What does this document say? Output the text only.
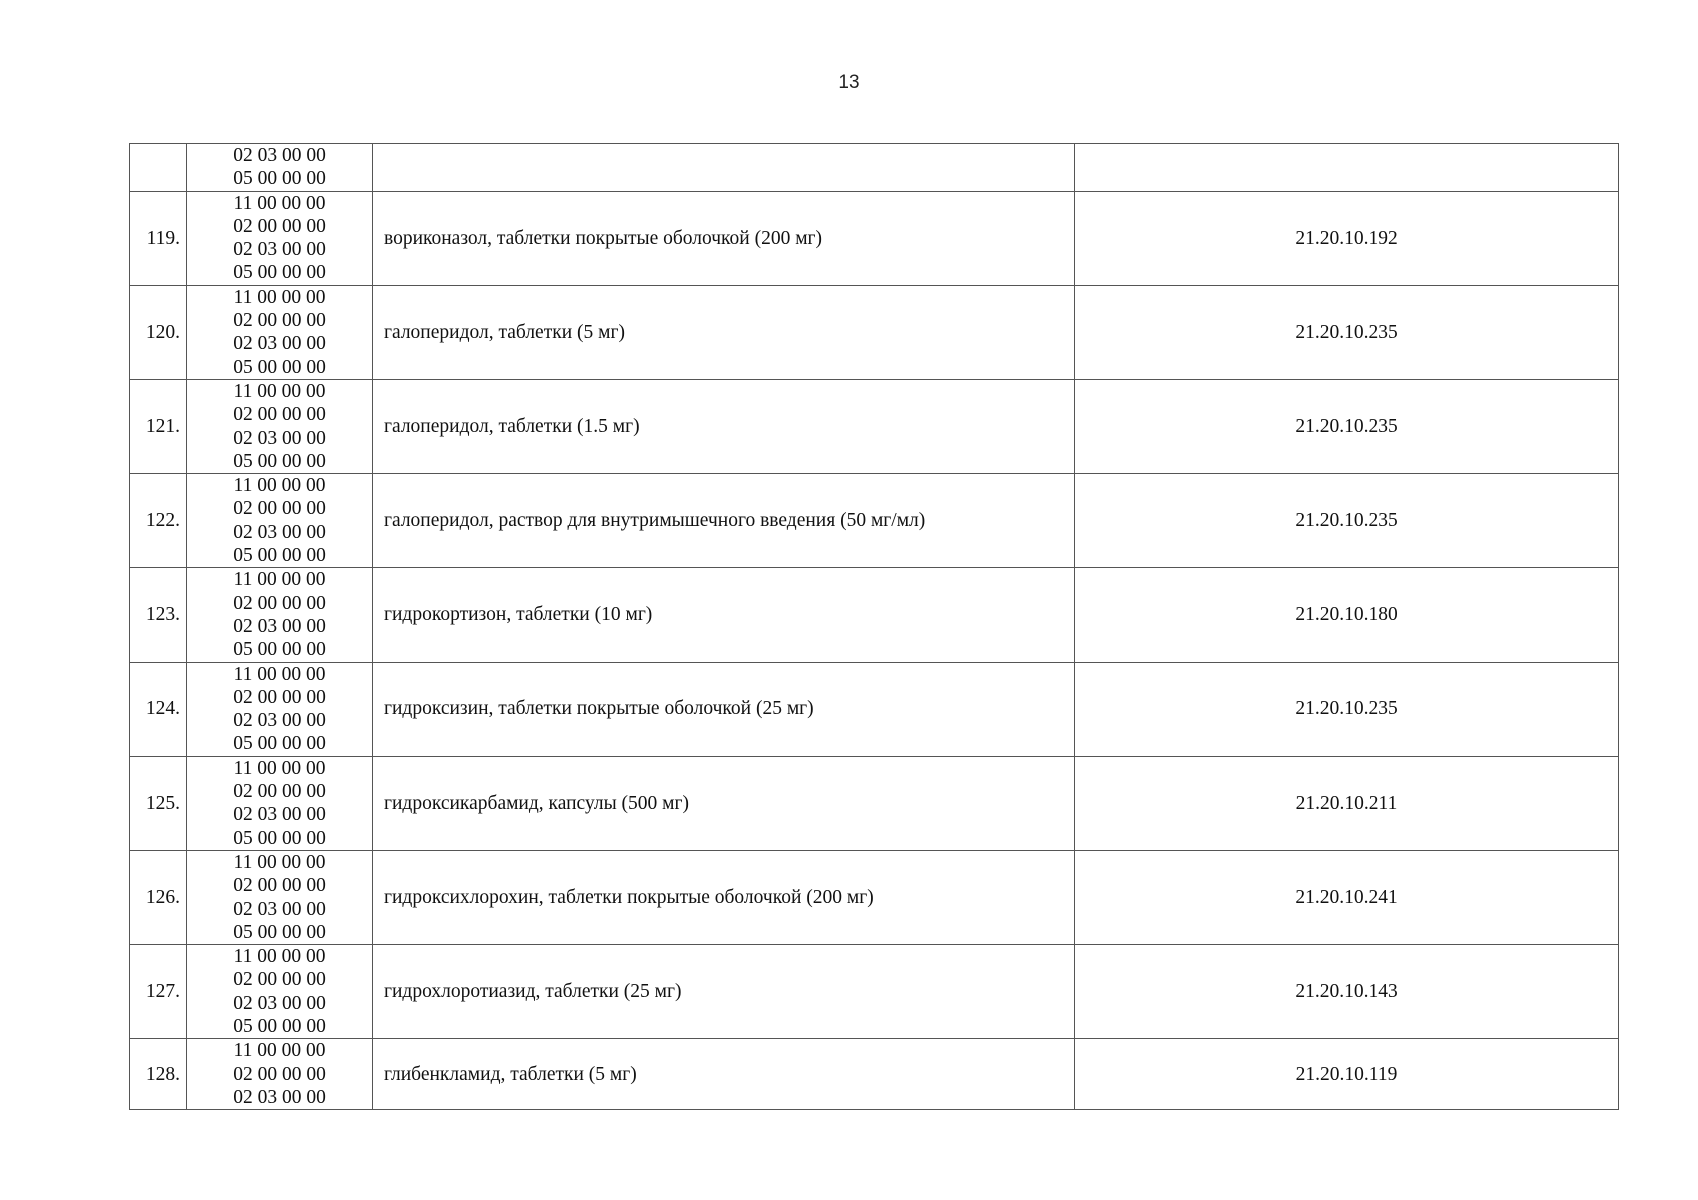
13

	02 03 00 00
05 00 00 00		

119.	11 00 00 00
02 00 00 00
02 03 00 00
05 00 00 00	вориконазол, таблетки покрытые оболочкой (200 мг)	21.20.10.192
120.	11 00 00 00
02 00 00 00
02 03 00 00
05 00 00 00	галоперидол, таблетки (5 мг)	21.20.10.235
121.	11 00 00 00
02 00 00 00
02 03 00 00
05 00 00 00	галоперидол, таблетки (1.5 мг)	21.20.10.235
122.	11 00 00 00
02 00 00 00
02 03 00 00
05 00 00 00	галоперидол, раствор для внутримышечного введения (50 мг/мл)	21.20.10.235
123.	11 00 00 00
02 00 00 00
02 03 00 00
05 00 00 00	гидрокортизон, таблетки (10 мг)	21.20.10.180
124.	11 00 00 00
02 00 00 00
02 03 00 00
05 00 00 00	гидроксизин, таблетки покрытые оболочкой (25 мг)	21.20.10.235
125.	11 00 00 00
02 00 00 00
02 03 00 00
05 00 00 00	гидроксикарбамид, капсулы (500 мг)	21.20.10.211
126.	11 00 00 00
02 00 00 00
02 03 00 00
05 00 00 00	гидроксихлорохин, таблетки покрытые оболочкой (200 мг)	21.20.10.241
127.	11 00 00 00
02 00 00 00
02 03 00 00
05 00 00 00	гидрохлоротиазид, таблетки (25 мг)	21.20.10.143
128.	11 00 00 00
02 00 00 00
02 03 00 00	глибенкламид, таблетки (5 мг)	21.20.10.119
